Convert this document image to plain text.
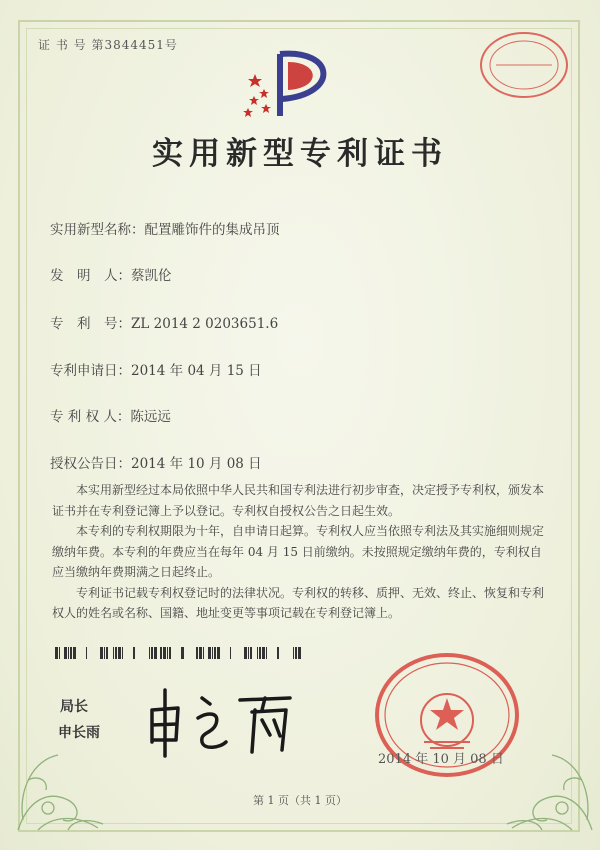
证 书 号 第3844451号
实用新型专利证书
实用新型名称：配置雕饰件的集成吊顶
发　明　人：蔡凯伦
专　利　号：ZL 2014 2 0203651.6
专利申请日：2014 年 04 月 15 日
专 利 权 人：陈远远
授权公告日：2014 年 10 月 08 日

本实用新型经过本局依照中华人民共和国专利法进行初步审查，决定授予专利权，颁发本证书并在专利登记簿上予以登记。专利权自授权公告之日起生效。

本专利的专利权期限为十年，自申请日起算。专利权人应当依照专利法及其实施细则规定缴纳年费。本专利的年费应当在每年 04 月 15 日前缴纳。未按照规定缴纳年费的，专利权自应当缴纳年费期满之日起终止。

专利证书记载专利权登记时的法律状况。专利权的转移、质押、无效、终止、恢复和专利权人的姓名或名称、国籍、地址变更等事项记载在专利登记簿上。

局长
申长雨
2014 年 10 月 08 日
第 1 页（共 1 页）
